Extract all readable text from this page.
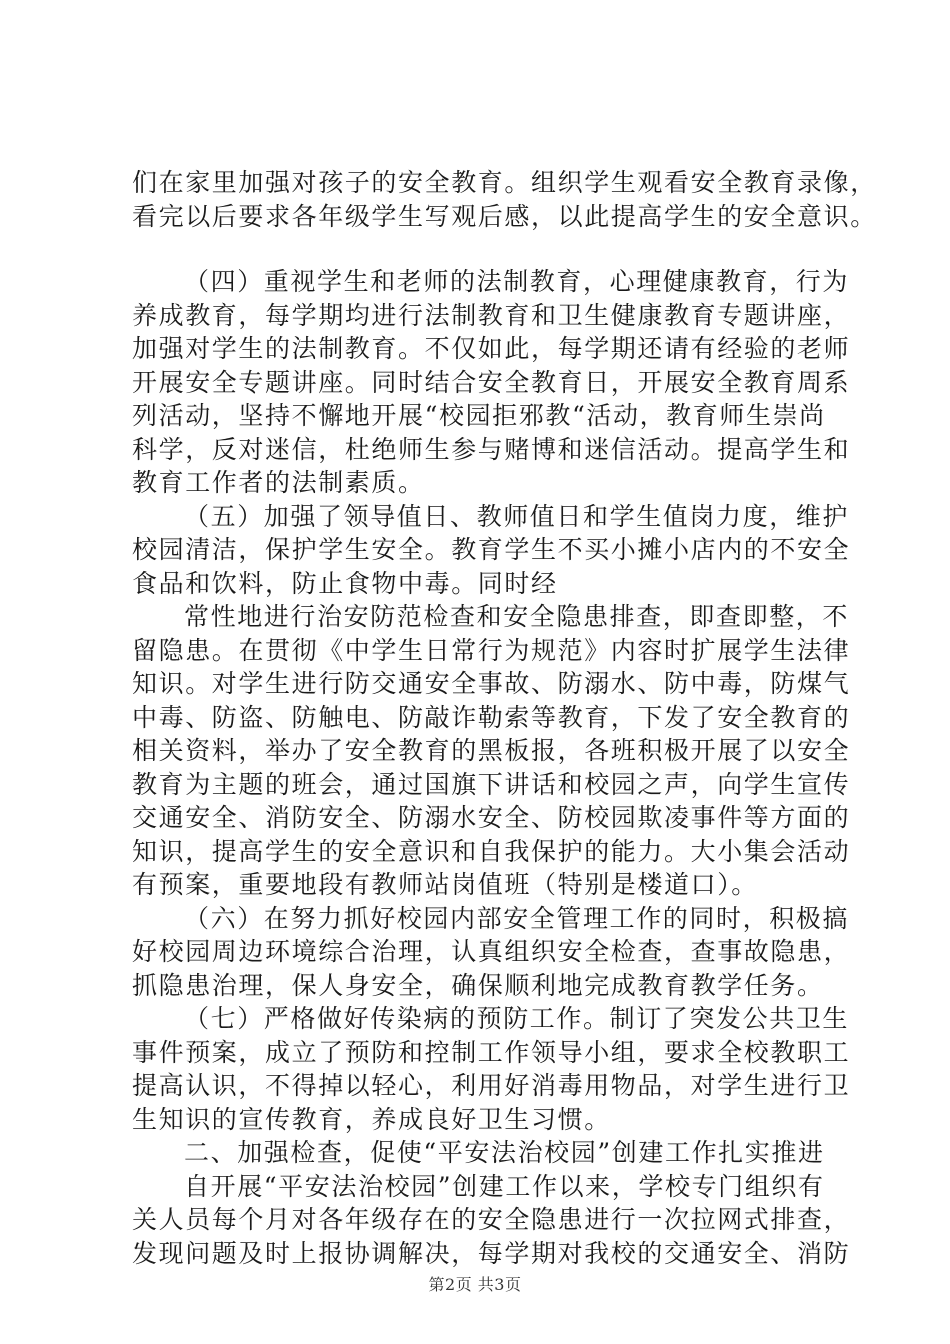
们在家里加强对孩子的安全教育。组织学生观看安全教育录像，
看完以后要求各年级学生写观后感，以此提高学生的安全意识。
（四）重视学生和老师的法制教育，心理健康教育，行为
养成教育，每学期均进行法制教育和卫生健康教育专题讲座，
加强对学生的法制教育。不仅如此，每学期还请有经验的老师
开展安全专题讲座。同时结合安全教育日，开展安全教育周系
列活动，坚持不懈地开展“校园拒邪教“活动，教育师生崇尚
科学，反对迷信，杜绝师生参与赌博和迷信活动。提高学生和
教育工作者的法制素质。
（五）加强了领导值日、教师值日和学生值岗力度，维护
校园清洁，保护学生安全。教育学生不买小摊小店内的不安全
食品和饮料，防止食物中毒。同时经
常性地进行治安防范检查和安全隐患排查，即查即整，不
留隐患。在贯彻《中学生日常行为规范》内容时扩展学生法律
知识。对学生进行防交通安全事故、防溺水、防中毒，防煤气
中毒、防盗、防触电、防敲诈勒索等教育，下发了安全教育的
相关资料，举办了安全教育的黑板报，各班积极开展了以安全
教育为主题的班会，通过国旗下讲话和校园之声，向学生宣传
交通安全、消防安全、防溺水安全、防校园欺凌事件等方面的
知识，提高学生的安全意识和自我保护的能力。大小集会活动
有预案，重要地段有教师站岗值班（特别是楼道口）。
（六）在努力抓好校园内部安全管理工作的同时，积极搞
好校园周边环境综合治理，认真组织安全检查，查事故隐患，
抓隐患治理，保人身安全，确保顺利地完成教育教学任务。
（七）严格做好传染病的预防工作。制订了突发公共卫生
事件预案，成立了预防和控制工作领导小组，要求全校教职工
提高认识，不得掉以轻心，利用好消毒用物品，对学生进行卫
生知识的宣传教育，养成良好卫生习惯。
二、加强检查，促使“平安法治校园”创建工作扎实推进
自开展“平安法治校园”创建工作以来，学校专门组织有
关人员每个月对各年级存在的安全隐患进行一次拉网式排查，
发现问题及时上报协调解决，每学期对我校的交通安全、消防
第2页 共3页
